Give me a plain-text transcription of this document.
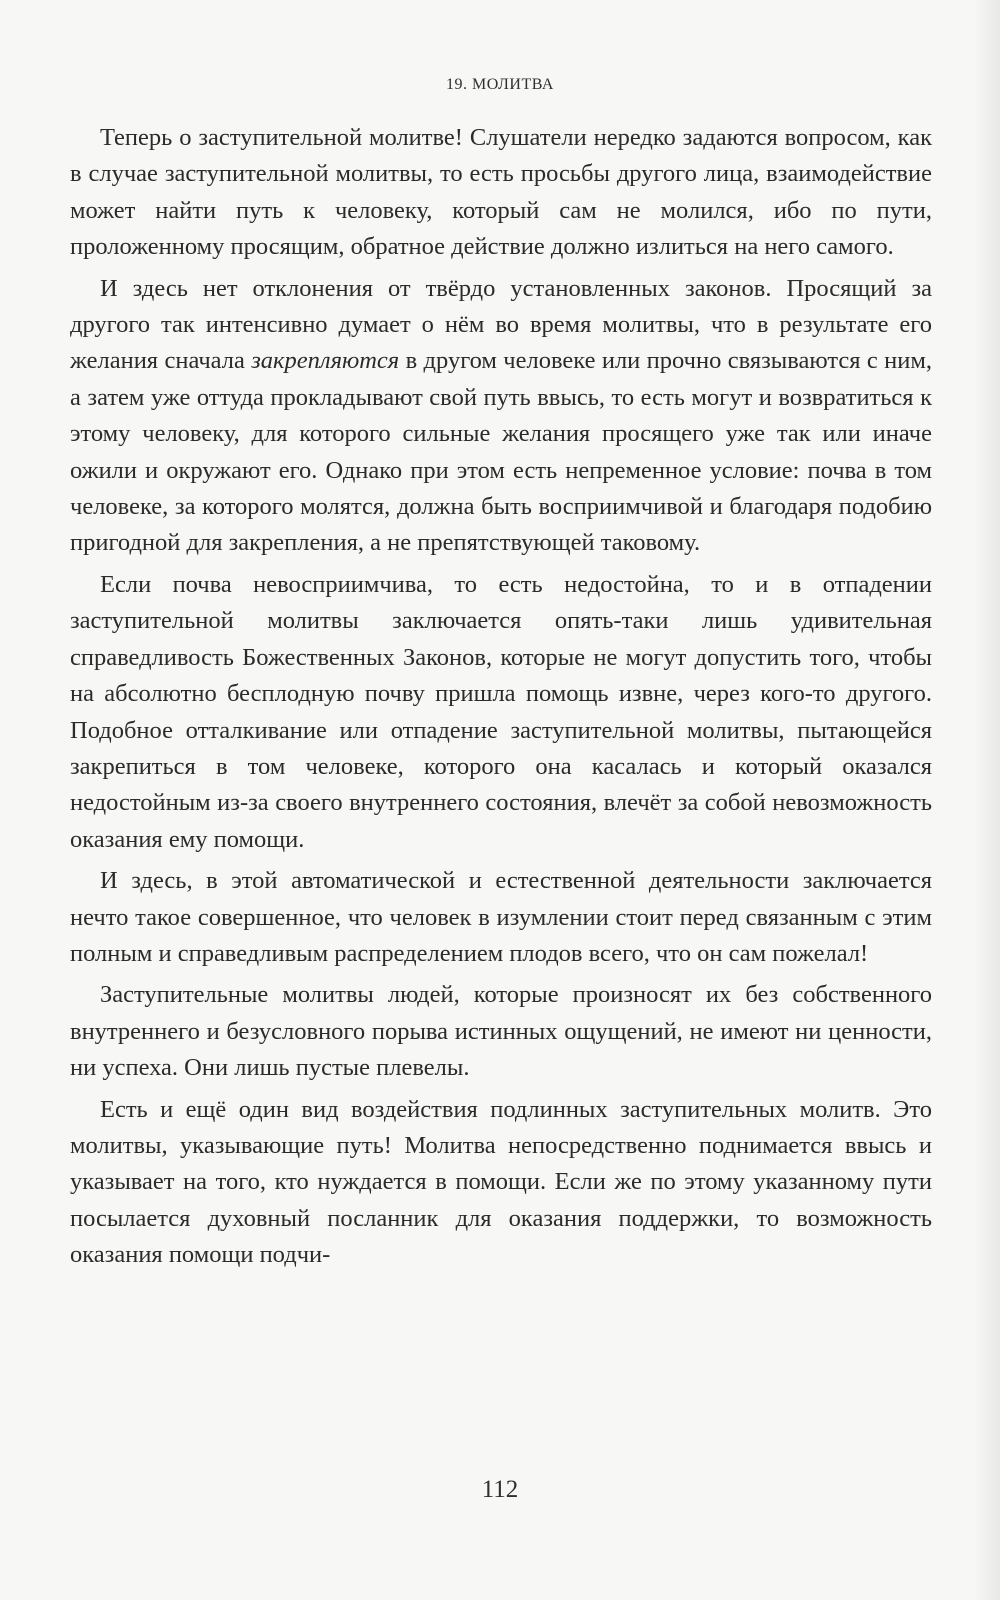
19. МОЛИТВА

Теперь о заступительной молитве! Слушатели нередко задаются вопросом, как в случае заступительной молитвы, то есть просьбы другого лица, взаимодействие может найти путь к человеку, который сам не молился, ибо по пути, проложенному просящим, обратное действие должно излиться на него самого.

И здесь нет отклонения от твёрдо установленных законов. Просящий за другого так интенсивно думает о нём во время молитвы, что в результате его желания сначала закрепляются в другом человеке или прочно связываются с ним, а затем уже оттуда прокладывают свой путь ввысь, то есть могут и возвратиться к этому человеку, для которого сильные желания просящего уже так или иначе ожили и окружают его. Однако при этом есть непременное условие: почва в том человеке, за которого молятся, должна быть восприимчивой и благодаря подобию пригодной для закрепления, а не препятствующей таковому.

Если почва невосприимчива, то есть недостойна, то и в отпадении заступительной молитвы заключается опять-таки лишь удивительная справедливость Божественных Законов, которые не могут допустить того, чтобы на абсолютно бесплодную почву пришла помощь извне, через кого-то другого. Подобное отталкивание или отпадение заступительной молитвы, пытающейся закрепиться в том человеке, которого она касалась и который оказался недостойным из-за своего внутреннего состояния, влечёт за собой невозможность оказания ему помощи.

И здесь, в этой автоматической и естественной деятельности заключается нечто такое совершенное, что человек в изумлении стоит перед связанным с этим полным и справедливым распределением плодов всего, что он сам пожелал!

Заступительные молитвы людей, которые произносят их без собственного внутреннего и безусловного порыва истинных ощущений, не имеют ни ценности, ни успеха. Они лишь пустые плевелы.

Есть и ещё один вид воздействия подлинных заступительных молитв. Это молитвы, указывающие путь! Молитва непосредственно поднимается ввысь и указывает на того, кто нуждается в помощи. Если же по этому указанному пути посылается духовный посланник для оказания поддержки, то возможность оказания помощи подчи-

112
